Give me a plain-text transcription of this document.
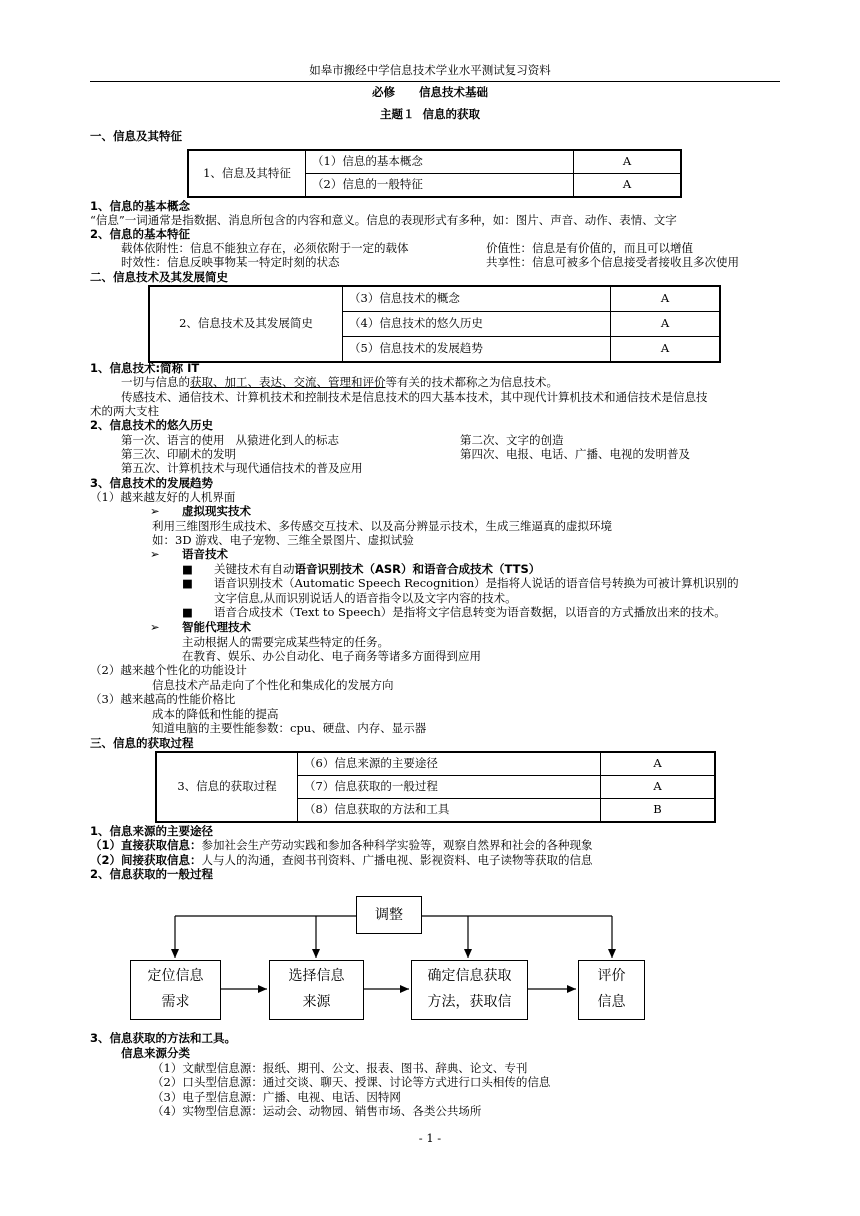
如皋市搬经中学信息技术学业水平测试复习资料
必修      信息技术基础
主题１  信息的获取
一、信息及其特征
1、信息及其特征	（1）信息的基本概念	A
	（2）信息的一般特征	A
1、信息的基本概念
“信息”一词通常是指数据、消息所包含的内容和意义。信息的表现形式有多种，如：图片、声音、动作、表情、文字
2、信息的基本特征
载体依附性：信息不能独立存在，必须依附于一定的载体	价值性：信息是有价值的，而且可以增值
时效性：信息反映事物某一特定时刻的状态	共享性：信息可被多个信息接受者接收且多次使用
二、信息技术及其发展简史
2、信息技术及其发展简史	（3）信息技术的概念	A
	（4）信息技术的悠久历史	A
	（5）信息技术的发展趋势	A
1、信息技术:简称 IT
一切与信息的获取、加工、表达、交流、管理和评价等有关的技术都称之为信息技术。
传感技术、通信技术、计算机技术和控制技术是信息技术的四大基本技术，其中现代计算机技术和通信技术是信息技
术的两大支柱
2、信息技术的悠久历史
第一次、语言的使用   从猿进化到人的标志	第二次、文字的创造
第三次、印刷术的发明	第四次、电报、电话、广播、电视的发明普及
第五次、计算机技术与现代通信技术的普及应用
3、信息技术的发展趋势
（1）越来越友好的人机界面
➢ 虚拟现实技术
利用三维图形生成技术、多传感交互技术、以及高分辨显示技术，生成三维逼真的虚拟环境
如：3D 游戏、电子宠物、三维全景图片、虚拟试验
➢ 语音技术
■ 关键技术有自动语音识别技术（ASR）和语音合成技术（TTS）
■ 语音识别技术（Automatic Speech Recognition）是指将人说话的语音信号转换为可被计算机识别的
文字信息,从而识别说话人的语音指令以及文字内容的技术。
■ 语音合成技术（Text to Speech）是指将文字信息转变为语音数据，以语音的方式播放出来的技术。
➢ 智能代理技术
主动根据人的需要完成某些特定的任务。
在教育、娱乐、办公自动化、电子商务等诸多方面得到应用
（2）越来越个性化的功能设计
信息技术产品走向了个性化和集成化的发展方向
（3）越来越高的性能价格比
成本的降低和性能的提高
知道电脑的主要性能参数：cpu、硬盘、内存、显示器
三、信息的获取过程
3、信息的获取过程	（6）信息来源的主要途径	A
	（7）信息获取的一般过程	A
	（8）信息获取的方法和工具	B
1、信息来源的主要途径
（1）直接获取信息：参加社会生产劳动实践和参加各种科学实验等，观察自然界和社会的各种现象
（2）间接获取信息：人与人的沟通，查阅书刊资料、广播电视、影视资料、电子读物等获取的信息
2、信息获取的一般过程
调整
定位信息
需求
选择信息
来源
确定信息获取
方法，获取信
评价
信息
3、信息获取的方法和工具。
信息来源分类
（1）文献型信息源：报纸、期刊、公文、报表、图书、辞典、论文、专刊
（2）口头型信息源：通过交谈、聊天、授课、讨论等方式进行口头相传的信息
（3）电子型信息源：广播、电视、电话、因特网
（4）实物型信息源：运动会、动物园、销售市场、各类公共场所
- 1 -
